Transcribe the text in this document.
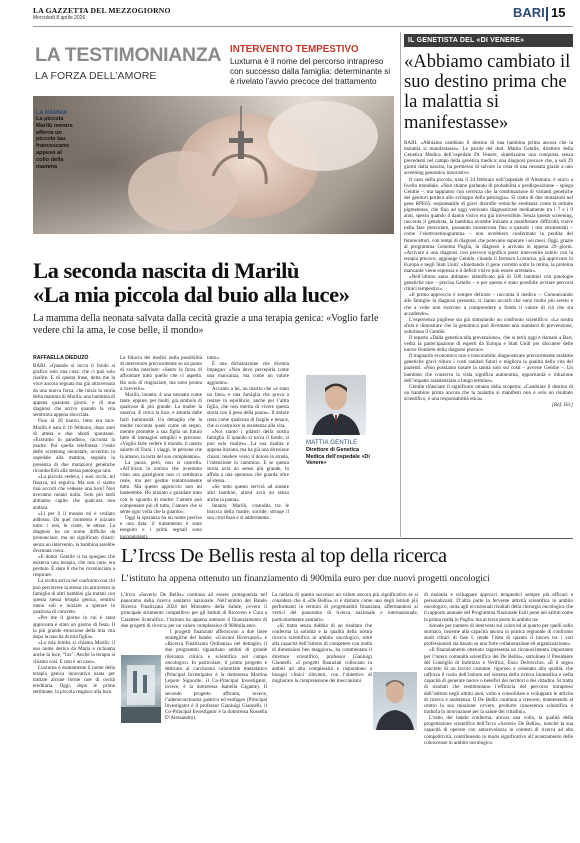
LA GAZZETTA DEL MEZZOGIORNO
Mercoledì 8 aprile 2026	BARI 15
LA TESTIMONIANZA
LA FORZA DELL’AMORE
INTERVENTO TEMPESTIVO
Luxturna è il nome del percorso intrapreso con successo dalla famiglia: determinante si è rivelato l’avvio precoce del trattamento
LA MAMMA
La piccola Marilù mentre afferra un piccolo tau francescano appeso al collo della mamma
La seconda nascita di Marilù
«La mia piccola dal buio alla luce»
La mamma della neonata salvata dalla cecità grazie a una terapia genica: «Voglio farle vedere chi la ama, le cose belle, il mondo»
RAFFAELLA DIEDUZO

BARI. «Quando si tocca il fondo si grafico solo una cosa: che ci può solo risalire. E di questa frase, detta me la voce ancora segnata ma già attraversata da una nuova forza, che inizia la storia della mamma di Marilù, una bambina di appena quaranta giorni, e di una diagnosi che arriva quando la vita sembrava appena sbocciata.

Fino al 28 marzo, tutto era luce. Marilù è nata il 16 febbraio, dopo anni di attesa e due aborti spontanei. «Eravamo in paradiso», racconta la madre. Poi quella telefonata: l’esito dello screening neonatale, avvertito in ospedale alla mattina, segnala la presenza di due mutazioni genetiche riconducibili alla stessa patologia rara.

«La piccola vedeva, i suoi occhi, mi fissava, mi seguiva. Ma non ci siamo mai accorti che vedesse una luce? Non avevamo notato nulla. Solo più tardi abbiamo capito che qualcosa non andava.

«Lì per lì il mondo mi è crollato addosso. Da quel momento è iniziato tutto: i test, le visite, le attese. La diagnosi ha un nome difficile da pronunciare, ma un significato chiaro: senza un intervento, la bambina sarebbe diventata cieca.

«Il dottor Gentile ci ha spiegato che esisteva una terapia, che non tutto era perduto. È stato lì che ho ricominciato a respirare.

La svolta arriva nel confronto con chi può percorrere la stessa via attraverso la famiglia di altri bambini già trattati con questa stessa terapia genica, sentirsi meno soli e iniziare a sperare in qualcosa di concreto.

«Per me il giorno in cui è stata approvata è stato un giorno di festa. Il la più grande emozione della mia vita dopo la nascita di mia figlia».

«La mia bimba si chiama Marilù: il suo nome deriva da Maria e richiama anche la luce, “lux”. Anche la terapia si chiama così. E non è un caso».

Luxturna è esattamente il nome della terapia genica innovativa usata per trattare alcune forme rare di cecità ereditaria. Oggi, dopo le prime settimane, la piccola reagisce alla luce.

La fiducia dei medici nella possibilità di intervenire precocemente su un punto di svolta interiore: «Sento la forza di affrontare tutto quello che ci aspetta. Ho solo di ringraziare, ma sono pronta a riceverlo».

Marilù, intanto, è una neonata come tante, eppure, per molti, già simbolo di qualcosa di più grande. La madre la osserva. E cerca la luce, è attratta dalle forti luminosità. Un dettaglio che la madre racconta quasi come un segno, mentre promette a sua figlia un futuro fatto di immagini semplici e preziose: «Voglio farle vedere il mondo, il nostro salotto di Trani, i viaggi, le persone che la amano, la torta del suo compleanno».

La paura, però, non si cancella. «All’inizio la notizia che avremmo visto una guarigione non ci sembrava reale, ma per gestire tentativamente tutto. Ma questo approccio non mi basterebbe. Ho iniziato a guardare tutto con lo sguardo di madre: l’amore può compensare più di tutto, l’amore che si sente ogni volta che la guardo».

Oggi la speranza ha un nome preciso e una data: il trattamento è stato eseguito e i primi segnali sono incoraggianti.

tutto».

È una dichiarazione che diventa impegno: «Non devo percepirla come una mancanza, ma come un valore aggiunto».

Accanto a lei, un marito che «è stato un faro» e una famiglia che prova a restare in equilibrio, anche per l’altra figlia, che non merita di vivere questa storia con il peso della paura». Il dolore resta come qualcosa di fragile e tenace, che si costruisce la resistenza alla vita.

«Noi siamo i pilastri della nostra famiglia. E quando si tocca il fondo, si può solo risalire». La sua risalita è appena iniziata, ma ha già una direzione chiara: tendere verso il dolore in strada, l’intenzione in cammino. E se questa storia avrà un senso più grande, lo affida a una speranza che guarda oltre sé stessa.

«Se tutto questo servirà ad aiutare altri bambini, allora avrà un senso anche la paura».

Intanto, Marilù, custodita tra le braccia della madre, sorride, stringe il suo crocifisso e si addormenta.

MATTIA GENTILE
Direttore di Genetica Medica dell’ospedale «Di Venere»
IL GENETISTA DEL «DI VENERE»
«Abbiamo cambiato il suo destino prima che la malattia si manifestasse»

BARI. «Abbiamo cambiato il destino di una bambina prima ancora che la malattia si manifestasse». Le parole del dott. Mattia Gentile, direttore della Genetica Medica dell’ospedale Di Venere, sintetizzano una conquista senza precedenti nel campo della genetica medica: una diagnosi precoce che, a soli 29 giorni dalla nascita, ha permesso di salvare la vista di una neonata grazie a uno screening genomico innovativo.

Il caso della piccola, nata il 24 febbraio nell’ospedale di Altamura, è unico a livello mondiale. «Non stiamo parlando di probabilità o predisposizione – spiega Gentile –, ma sappiamo con certezza che la combinazione di varianti genetiche dei genitori porterà allo sviluppo della patologia». Si tratta di due mutazioni nel gene RPE65, responsabile di gravi distrofie retiniche ereditarie come la retinite pigmentosa, che fino ad oggi venivano diagnosticate mediamente tra i 7 e i 9 anni, spesso quando il danno visivo era già irreversibile. Senza questo screening, racconta il genetista, la bambina avrebbe iniziato a manifestare difficoltà visive nella fase prescolare, passando inosservata fino a quando i test strumentali – come l’elettroretinogramma – non avrebbero confermato la perdita dei fotorecettori, con tempi di diagnosi che potevano superare i sei mesi. Oggi, grazie al programma Genoma Puglia, la diagnosi è arrivata in appena 29 giorni. «Arrivare a una diagnosi così precoce significa poter intervenire subito con la terapia precoce, aggiunge Gentile, citando il farmaco Luxturna, già approvato in Europa e negli Stati Uniti: «Iniettando il gene corretto sotto la retina, la proteina mancante viene espressa e il deficit visivo può essere arrestato».

«Nell’ultimo anno abbiamo identificato più di 500 bambini con patologie genetiche rare – precisa Gentile – e per questo è stato possibile avviare percorsi clinici tempestivi».

«Il primo approccio è sempre delicato – racconta il medico –. Comunicando alle famiglie la diagnosi presunta, ci siamo accorti che sono molto più sereni e che a volte non riescono a comprendere a fondo il valore di ciò che sta accadendo».

L’esperienza pugliese sta già stimolando un confronto scientifico: «La nostra sfida è dimostrare che la genomica può diventare uno standard di prevenzione, sottolinea il Gentile.

Il reparto «Dalla genetica alla prevenzione», che si terrà oggi e domani a Bari, vedrà la partecipazione di esperti da Europa e Stati Uniti per discutere delle nuove frontiere della diagnosi precoce.

Il traguardo economico non è trascurabile: diagnosticare precocemente malattie genetiche gravi riduce i costi sanitari futuri e migliora la qualità della vita dei pazienti. «Non possiamo basare la sanità solo sui costi – avverte Gentile –. Un bambino che conserva la vista significa autonomia, opportunità e riduzione dell’impatto assistenziale a lungo termine».

Gentile rifasciare il significato umano della scoperta: «Cambiare il destino di un bambino prima ancora che la malattia si manifesti non è solo un risultato scientifico, è una responsabilità etica».

[Raf. Dic]

L’Ircss De Bellis resta al top della ricerca
L’istituto ha appena ottenuto un finanziamento di 900mila euro per due nuovi progetti oncologici

L’Irccs «Saverio De Bellis» continua ad essere protagonista nel panorama della ricerca sanitaria nazionale. Nell’ambito del Bando Ricerca Finalizzata 2024 del Ministero della Salute, ovvero il principale strumento competitivo per gli Istituti di Ricovero e Cura a Carattere Scientifico, l’istituto ha appena ottenuto il finanziamento di due progetti di ricerca, per un valore complessivo di 900mila euro.

I progetti finanziati afferiscono a due linee strategiche del bando: «Giovani Ricercatori» e «Ricerca Finalizzata Ordinaria» nel dettaglio, il due programmi riguardano ambiti di grande rilevanza clinica e scientifica nel campo oncologico. In particolare, il primo progetto è dedicato al carcinoma colorettale metastatico (Principal Investigator è la dottoressa Martina Lepore Signorile, il Co-Principal Investigator, invece, è la dottoressa Isabella Gigante). Il secondo progetto affronta, invece, l’adenocarcinoma gastrico ed esofageo (Principal Investigator è il professor Gianluigi Giannelli, il Co-Principal Investigator è la dottoressa Rossella D’Alessandro).

La notizia di questo successo un valore ancora più significativo se si considera che il «De Bellis» si è distinto come uno degli Istituti più performanti in termini di progettualità finanziata, affermandosi ai vertici del panorama di ricerca nazionale e internazionale, particolarmente sanitario.

«Si tratta senza dubbio di un risultato che conferma la solidità e la qualità della nostra ricerca scientifica in ambito oncologico, oltre alla capacità dell’istituto di competere con realtà di dimensioni ben maggiori», ha commentato il direttore scientifico, professor Gianluigi Giannelli. «I progetti finanziati collocano in ambiti ad alta complessità e rispondono a bisogni clinici rilevanti, con l’obiettivo di migliorare la comprensione dei meccanismi

di malattia e sviluppare approcci terapeutici sempre più efficaci e personalizzati. D’altra parte la fervente attività scientifica in ambito oncologico, unita agli eccezionali risultati della chirurgia oncologica che il rapporto annuale del Programma Nazionale Esiti pone nei saltuti come la prima realtà in Puglia, ma al terzo posto in ambito na-

zionale per numero di interventi sul colon ed al quarto per quelli sullo stomaco, insieme alla capacità ancora in pratica regionale di confronto studi clinici di fase I, rende l’idea di quanto il lavoro tra i vari professionisti sia basato su una forte collaborazione ed organizzazione».

«Il finanziamento ottenuto rappresenta un riconoscimento importante per l’intero comunità scientifica del De Bellis», sottolinea il Presidente del Consiglio di Indirizzo e Verifica, Enzo Delvecchio. «È il segno concreto di un lavoro costante, rigoroso e orientato alla qualità, che rafforza il ruolo dell’istituto nel sistema della ricerca biomedica e nella capacità di generare nuove o benefici dei territori e dei cittadini. Si tratta di risultati che testimoniano l’efficacia del percorso intrapreso dall’istituto negli ultimi anni, volto a consolidare e sviluppare le attività di ricerca e assistenza. Il De Bellis continua a crescere, mantenendo al centro la sua missione: ovvero, produrre conoscenza scientifica e tradurla in innovazione per la salute dei cittadini».

L’esito del bando conferma, ancora una volta, la qualità della progettazione scientifica dell’Irccs «Saverio De Bellis», nonché la sua capacità di operare con autorevolezza in contesti di ricerca ad alta competitività, contribuendo in modo significativo all’avanzamento delle conoscenze in ambito oncologico.
